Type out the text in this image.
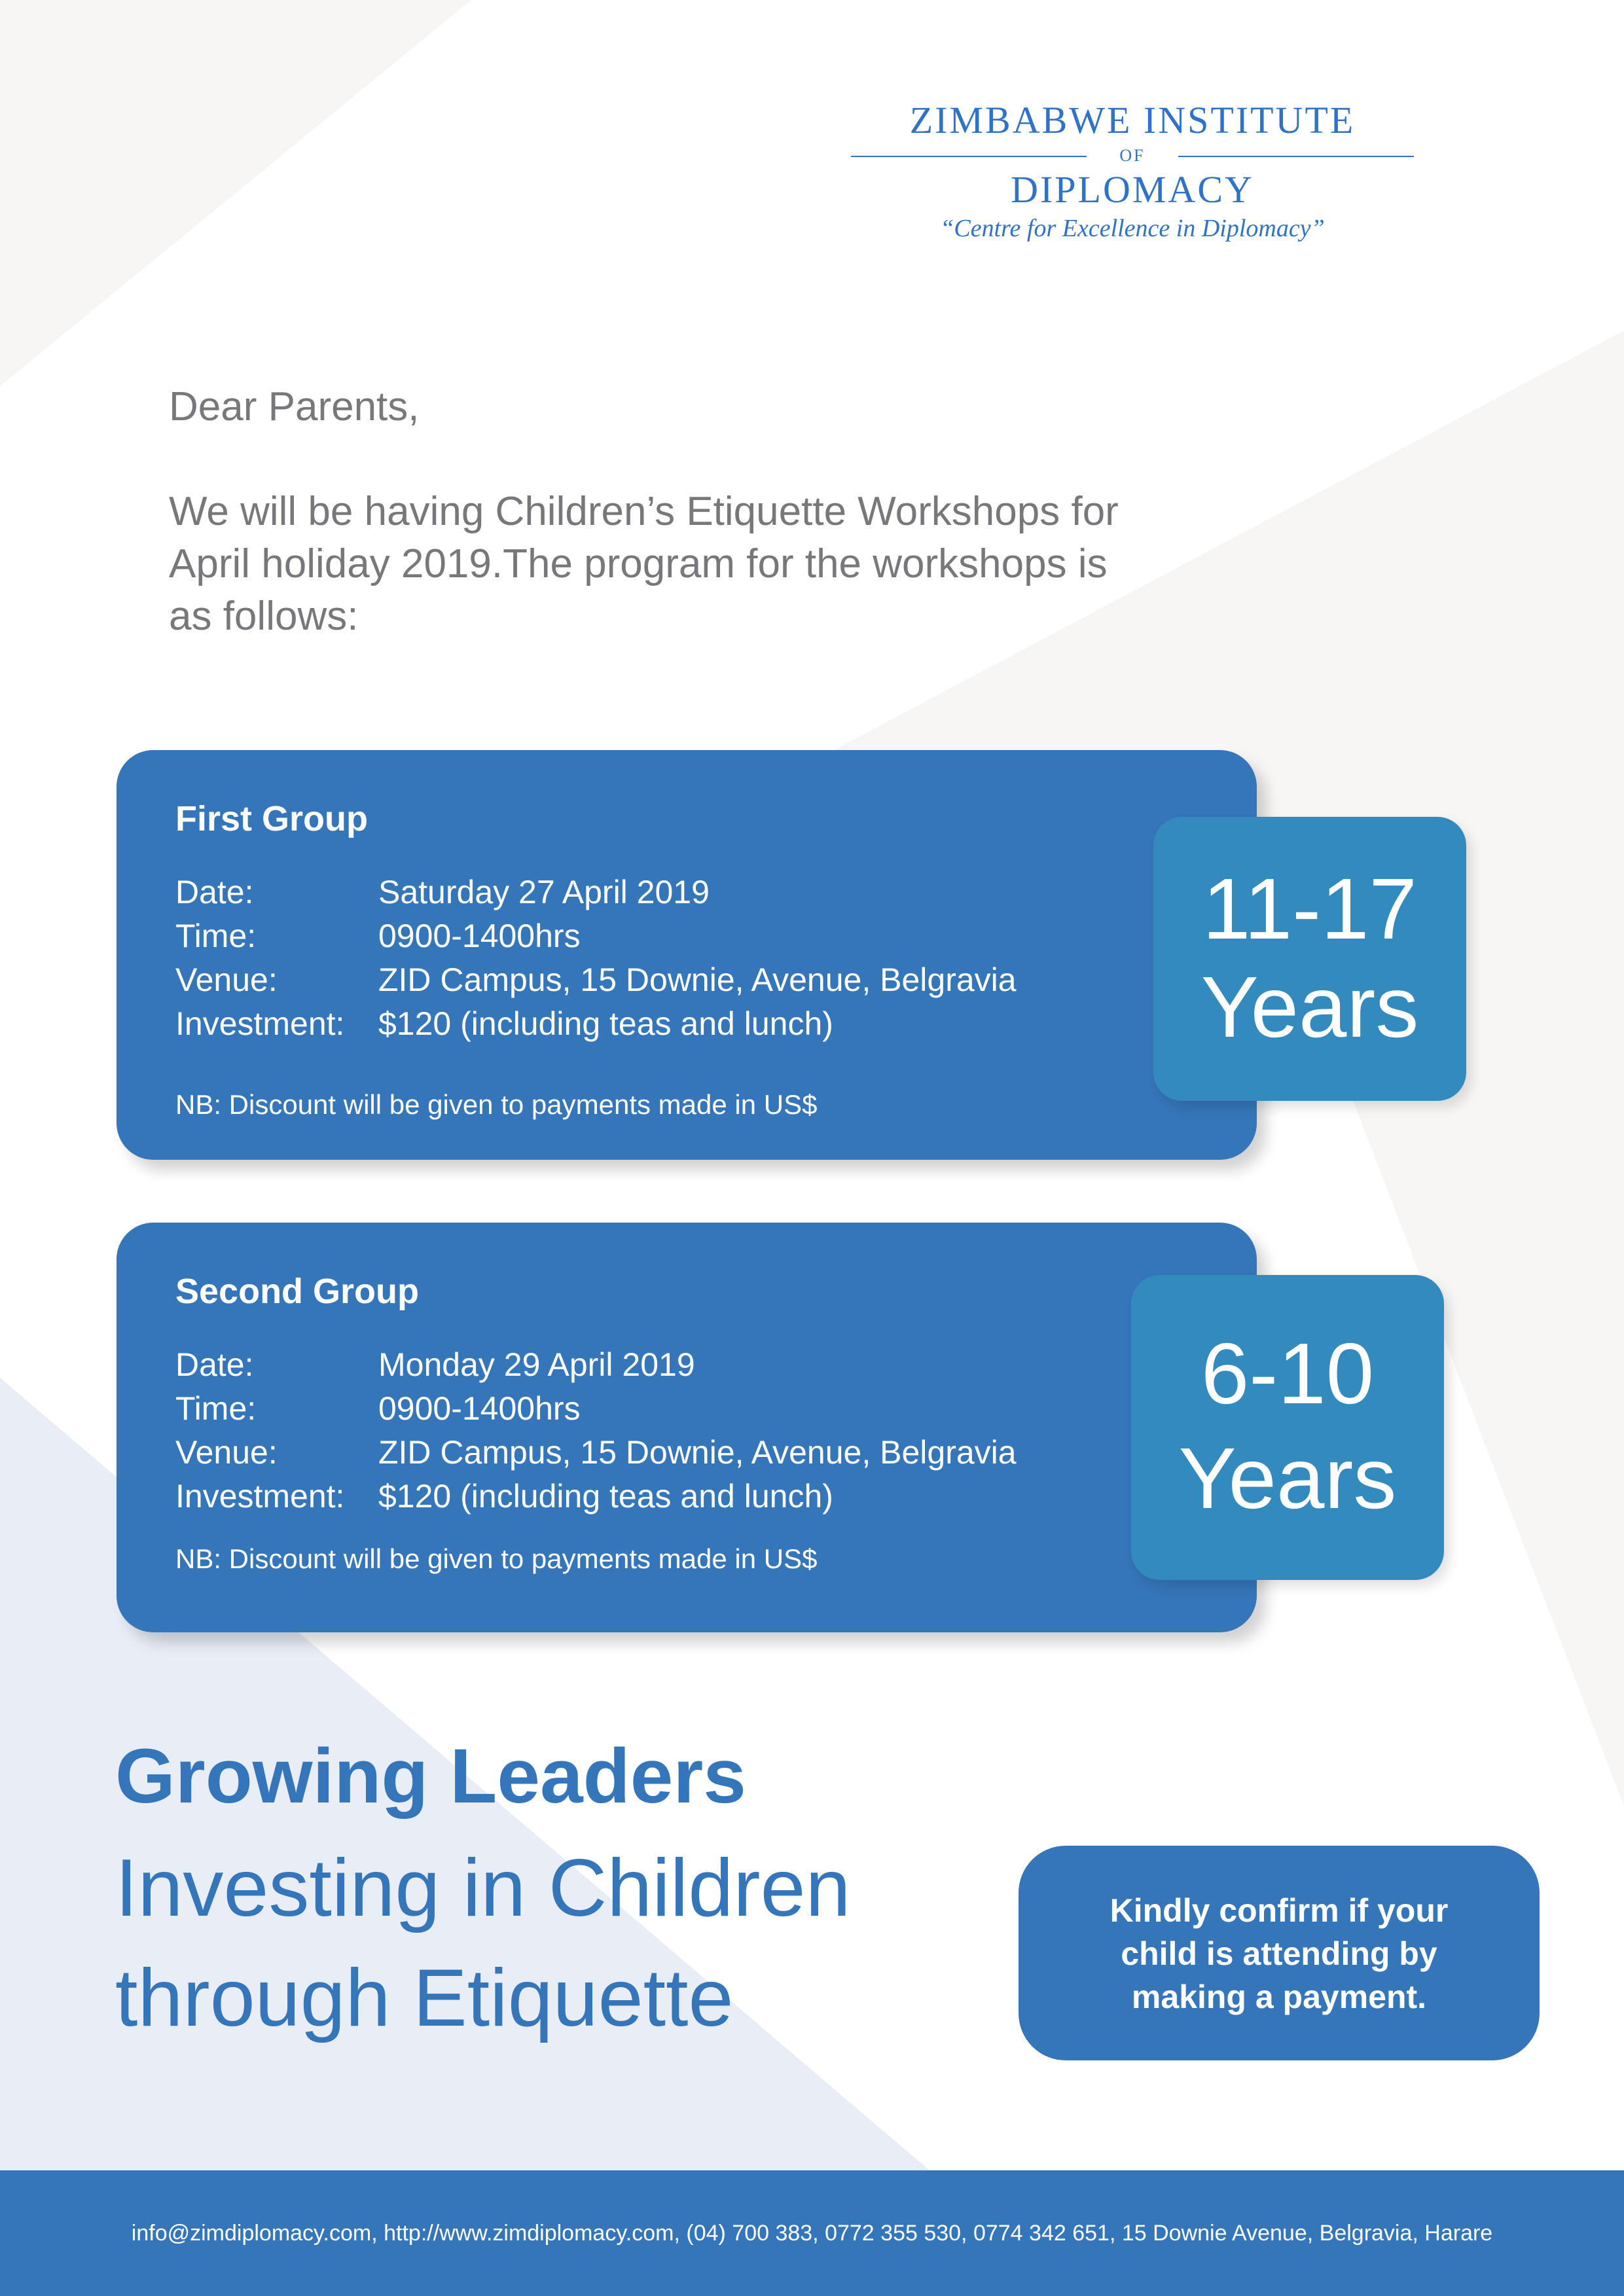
ZIMBABWE INSTITUTE
OF
DIPLOMACY
“Centre for Excellence in Diplomacy”
Dear Parents,
We will be having Children’s Etiquette Workshops for
April holiday 2019.The program for the workshops is
as follows:
First Group
Date:	Saturday 27 April 2019
Time:	0900-1400hrs
Venue:	ZID Campus, 15 Downie, Avenue, Belgravia
Investment: $120 (including teas and lunch)
NB: Discount will be given to payments made in US$
11-17
Years
Second Group
Date:	Monday 29 April 2019
Time:	0900-1400hrs
Venue:	ZID Campus, 15 Downie, Avenue, Belgravia
Investment: $120 (including teas and lunch)
NB: Discount will be given to payments made in US$
6-10
Years
Growing Leaders
Investing in Children
through Etiquette
Kindly confirm if your
child is attending by
making a payment.
info@zimdiplomacy.com, http://www.zimdiplomacy.com, (04) 700 383, 0772 355 530, 0774 342 651, 15 Downie Avenue, Belgravia, Harare
